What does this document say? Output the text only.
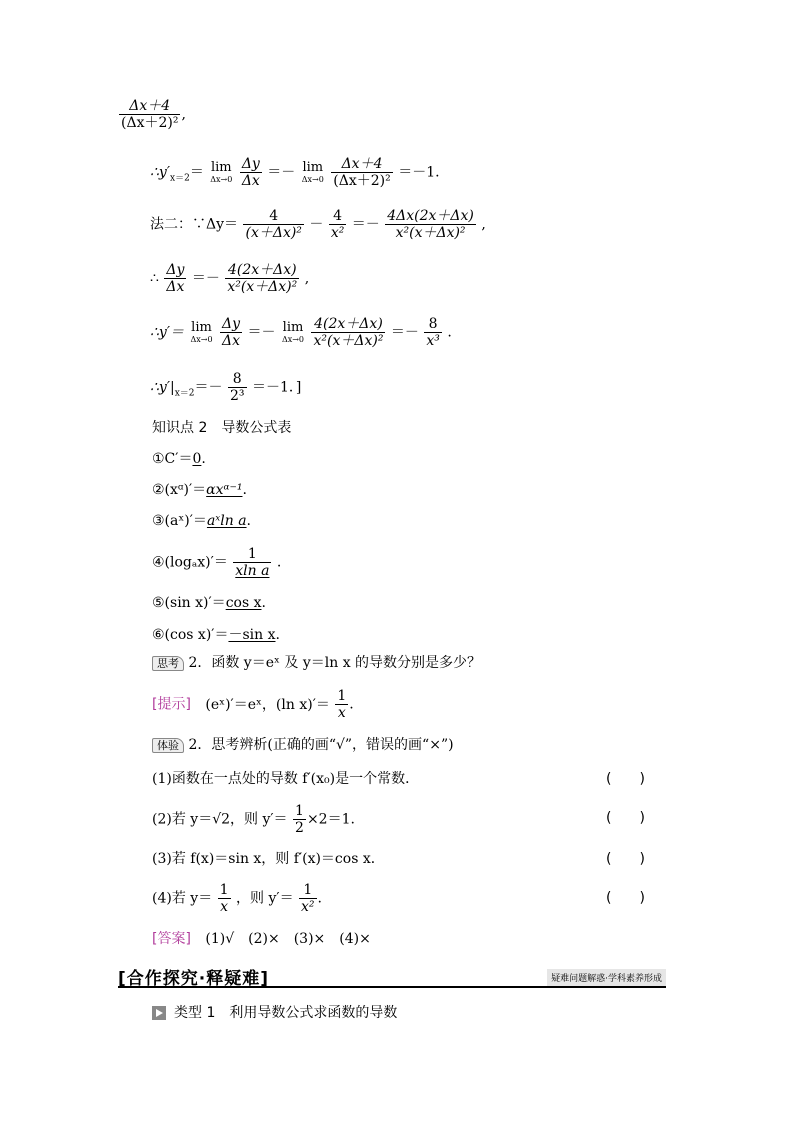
$\frac{\Delta x+4}{\text{(Δx＋2)²}}$ ,
$\therefore y'_{x=2}= \lim$
Δx→0
$\frac{\Delta y}{\Delta x} =- \lim$
Δx→0
$\frac{\Delta x+4}{\text{(Δx＋2)²}} =-1$.
法二：∵Δy＝ $\frac{4}{\text{(x＋Δx)²}} - \frac{4}{\text{x²}} =- \frac{4\Delta x(2x+\Delta x)}{\text{x²(x＋Δx)²}}$ ,
∴ $\frac{\Delta y}{\Delta x} =- \frac{4(2x+\Delta x)}{\text{x²(x＋Δx)²}}$ ,
∴y′＝ lim
Δx→0
$\frac{\Delta y}{\Delta x} =- \lim$
Δx→0
$\frac{4(2x+\Delta x)}{\text{x²(x＋Δx)²}} =- \frac{8}{\text{x³}}$ .
$\therefore y'|_{x=2}=- \frac{8}{\text{2³}} =-1$．]
知识点 2　导数公式表
①C′＝0.
②(xᵅ)′＝αxᵅ⁻¹.
③(aˣ)′＝aˣln a.
④(logₐx)′＝ $\frac{1}{\text{xln a}}$ .
⑤(sin x)′＝cos x.
⑥(cos x)′＝－sin x.
思考 2．函数 y＝eˣ 及 y＝ln x 的导数分别是多少？
[提示] (eˣ)′＝eˣ，(ln $x)'= \frac{1}{x}$ .
体验 2．思考辨析(正确的画“√”，错误的画“×”)
(1)函数在一点处的导数 f′(x₀)是一个常数．	(　　)
(2)若 y＝√2，则 $y'= \frac{1}{2} \times 2=1$.	(　　)
(3)若 f(x)＝sin x，则 f′(x)＝cos x．	(　　)
(4)若 $y= \frac{1}{x}$ ，则 $y'= \frac{1}{\text{x²}}$ .	(　　)
[答案] (1)√　(2)×　(3)×　(4)×
[合作探究·释疑难]	疑难问题解惑·学科素养形成
类型 1　利用导数公式求函数的导数
